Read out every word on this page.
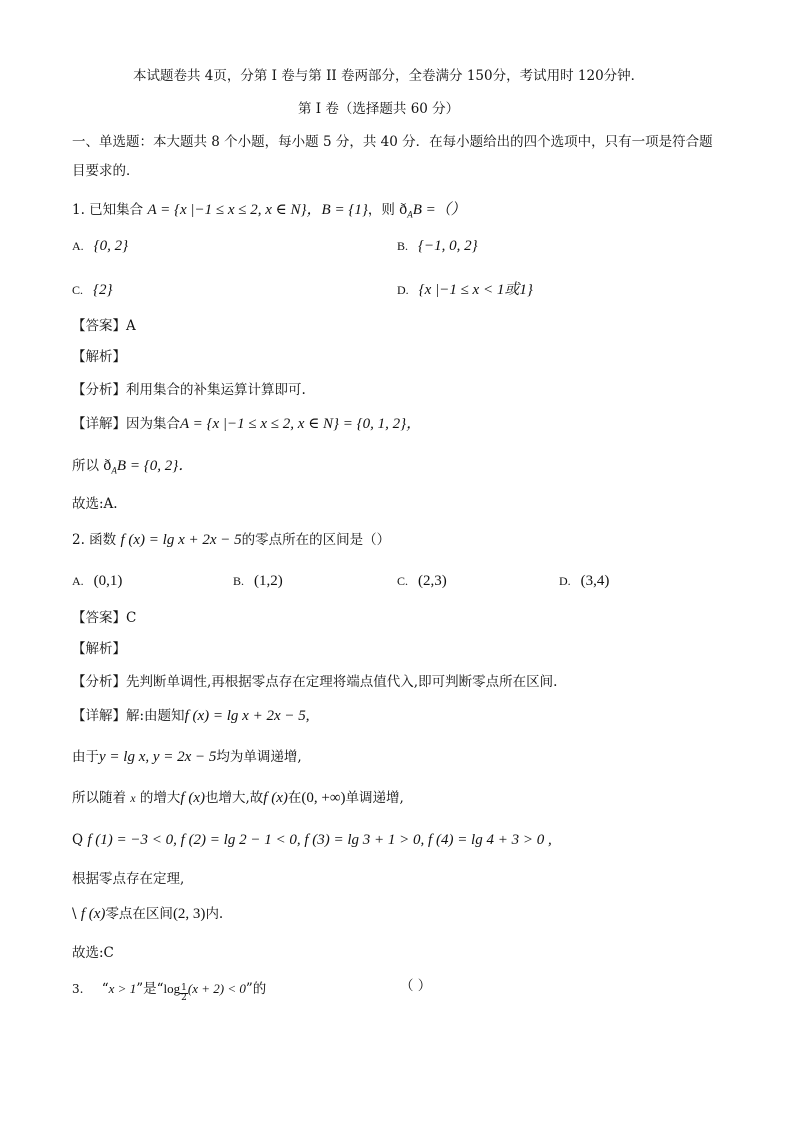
本试题卷共 4页，分第 I 卷与第 II 卷两部分，全卷满分 150分，考试用时 120分钟．
第 I 卷（选择题共 60 分）
一、单选题：本大题共 8 个小题，每小题 5 分，共 40 分．在每小题给出的四个选项中，只有一项是符合题
目要求的．
1. 已知集合 A = {x |−1 ≤ x ≤ 2, x ∈ N}，B = {1}，则 $ð_AB$ =（）
A. {0, 2}	B. {−1, 0, 2}
C. {2}	D. {x |−1 ≤ x < 1或1}
【答案】A
【解析】
【分析】利用集合的补集运算计算即可.
【详解】因为集合A = {x |−1 ≤ x ≤ 2, x ∈ N} = {0, 1, 2}，
所以 $ð_AB = \{0$, 2}．
故选:A.
2. 函数 f (x) = lg x + 2x − 5的零点所在的区间是（）
A. (0,1)	B. (1,2)	C. (2,3)	D. (3,4)
【答案】C
【解析】
【分析】先判断单调性,再根据零点存在定理将端点值代入,即可判断零点所在区间.
【详解】解:由题知f (x) = lg x + 2x − 5,
由于y = lg x, y = 2x − 5均为单调递增,
所以随着 x 的增大f (x)也增大,故f (x)在(0, +∞)单调递增,
Q f (1) = −3 < 0, f (2) = lg 2 − 1 < 0, f (3) = lg 3 + 1 > 0, f (4) = lg 4 + 3 > 0 ,
根据零点存在定理,
\ f (x)零点在区间(2, 3)内.
故选:C
3. “x > 1”是“$\log \frac{1}{2} (x + 2) < 0$”的	（ ）
